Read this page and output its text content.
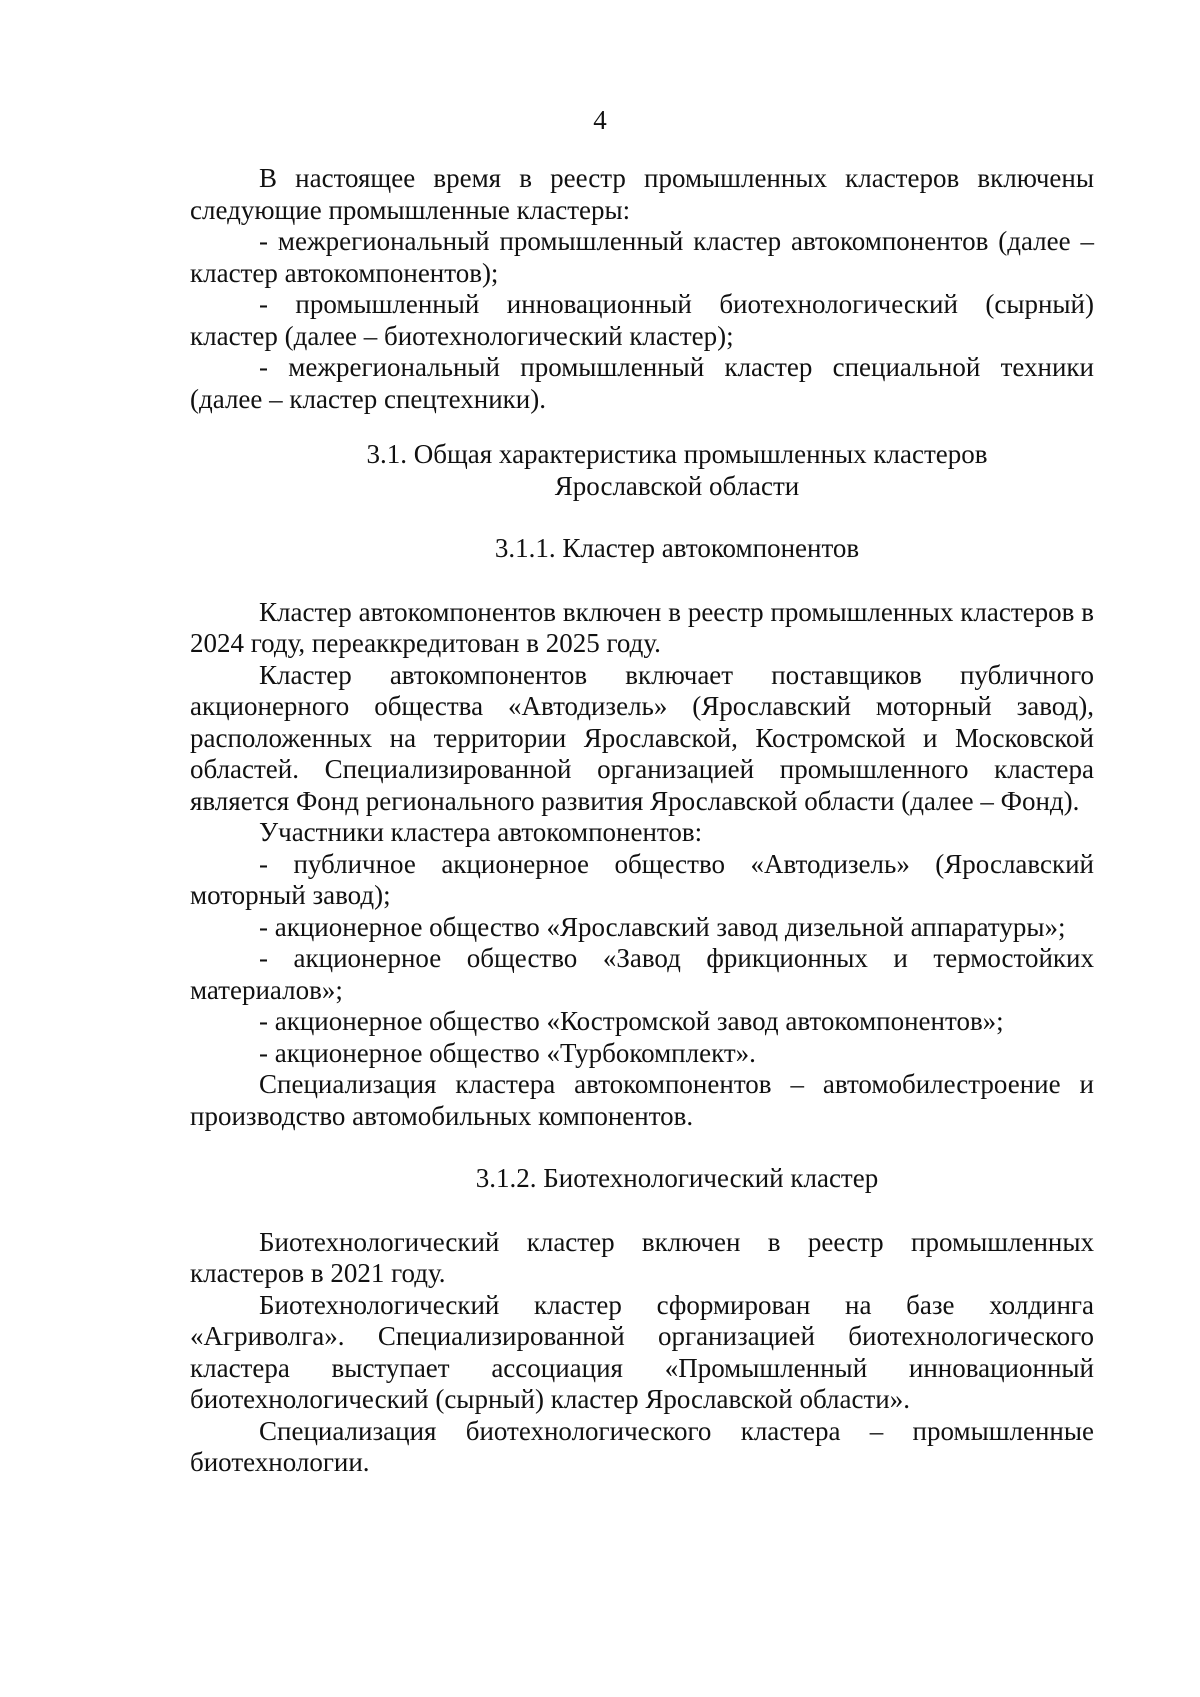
4

В настоящее время в реестр промышленных кластеров включены следующие промышленные кластеры:

- межрегиональный промышленный кластер автокомпонентов (далее – кластер автокомпонентов);

- промышленный инновационный биотехнологический (сырный) кластер (далее – биотехнологический кластер);

- межрегиональный промышленный кластер специальной техники (далее – кластер спецтехники).

3.1. Общая характеристика промышленных кластеров

Ярославской области

3.1.1. Кластер автокомпонентов

Кластер автокомпонентов включен в реестр промышленных кластеров в 2024 году, переаккредитован в 2025 году.

Кластер автокомпонентов включает поставщиков публичного акционерного общества «Автодизель» (Ярославский моторный завод), расположенных на территории Ярославской, Костромской и Московской областей. Специализированной организацией промышленного кластера является Фонд регионального развития Ярославской области (далее – Фонд).

Участники кластера автокомпонентов:

- публичное акционерное общество «Автодизель» (Ярославский моторный завод);

- акционерное общество «Ярославский завод дизельной аппаратуры»;

- акционерное общество «Завод фрикционных и термостойких материалов»;

- акционерное общество «Костромской завод автокомпонентов»;

- акционерное общество «Турбокомплект».

Специализация кластера автокомпонентов – автомобилестроение и производство автомобильных компонентов.

3.1.2. Биотехнологический кластер

Биотехнологический кластер включен в реестр промышленных кластеров в 2021 году.

Биотехнологический кластер сформирован на базе холдинга «Агриволга». Специализированной организацией биотехнологического кластера выступает ассоциация «Промышленный инновационный биотехнологический (сырный) кластер Ярославской области».

Специализация биотехнологического кластера – промышленные биотехнологии.
